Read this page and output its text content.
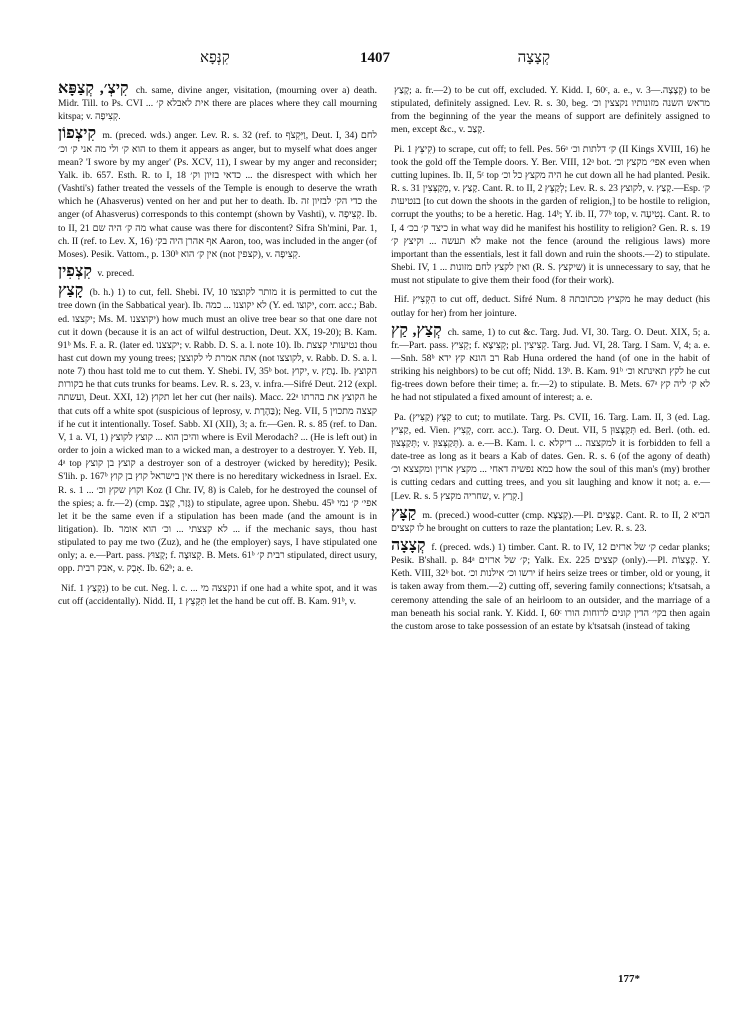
קִנְּפָא	1407	קְצָצָה

קִיצְ׳, קְצַפָּא ch. same, divine anger, visitation, (mourning over a) death. Midr. Till. to Ps. CVI ... אית לאבלא ק׳ there are places where they call mourning kitspa; v. קְצִיפָה.

קִיצְפוֹן m. (preced. wds.) anger. Lev. R. s. 32 (ref. to וַיִּקְצֹף, Deut. I, 34) לחם הוא ק׳ ולי מה אני ק׳ וכ׳ to them it appears as anger, but to myself what does anger mean? 'I swore by my anger' (Ps. XCV, 11), I swear by my anger and reconsider; Yalk. ib. 657. Esth. R. to I, 18 כדאי בזיון וק׳ ... the disrespect with which her (Vashti's) father treated the vessels of the Temple is enough to deserve the wrath which he (Ahasverus) vented on her and put her to death. Ib. כדי הק׳ לבזיון זה the anger (of Ahasverus) corresponds to this contempt (shown by Vashti), v. קְצִיפָה. Ib. to II, 21 מה ק׳ היה שם what cause was there for discontent? Sifra Sh'mini, Par. 1, ch. II (ref. to Lev. X, 16) אף אהרן היה בק׳ Aaron, too, was included in the anger (of Moses). Pesik. Vattom., p. 130ᵇ אין ק׳ הוא (not קצפין), v. קְצִיפָה.

קִצְפִין v. preced.

קָצַץ (b. h.) 1) to cut, fell. Shebi. IV, 10 מותר לקוצצו it is permitted to cut the tree down (in the Sabbatical year). Ib. לא יקוצנו ... כמה (Y. ed. יקוצו, corr. acc.; Bab. ed. יקצצו; Ms. M. יקוצצנו) how much must an olive tree bear so that one dare not cut it down (because it is an act of wilful destruction, Deut. XX, 19-20); B. Kam. 91ᵇ Ms. F. a. R. (later ed. יקצצנו; v. Rabb. D. S. a. l. note 10). Ib. נטיעותי קצצת thou hast cut down my young trees; אתה אמרת לי לקוצצן (not לקוצצו, v. Rabb. D. S. a. l. note 7) thou hast told me to cut them. Y. Shebi. IV, 35ᵇ bot. יקוץ, v. נָתַץ. Ib. הקוצץ בקורות he that cuts trunks for beams. Lev. R. s. 23, v. infra.—Sifré Deut. 212 (expl. ועשתה, Deut. XXI, 12) תקוץ let her cut (her nails). Macc. 22ᵃ הקוצץ את בהרתו he that cuts off a white spot (suspicious of leprosy, v. בַּהֶרֶת); Neg. VII, 5 קצצה מתכוין if he cut it intentionally. Tosef. Sabb. XI (XII), 3; a. fr.—Gen. R. s. 85 (ref. to Dan. V, 1 a. VI, 1) והיכן הוא ... קוצץ לקוצץ where is Evil Merodach? ... (He is left out) in order to join a wicked man to a wicked man, a destroyer to a destroyer. Y. Yeb. II, 4ᵃ top קוצץ בן קוצץ a destroyer son of a destroyer (wicked by heredity); Pesik. S'lih. p. 167ᵇ אין בישראל קוץ בן קוץ there is no hereditary wickedness in Israel. Ex. R. s. 1 ... וקוץ שקץ וכ׳ Koz (I Chr. IV, 8) is Caleb, for he destroyed the counsel of the spies; a. fr.—2) (cmp. גָּזַר, קָצַב) to stipulate, agree upon. Shebu. 45ᵇ אפי׳ ק׳ נמי let it be the same even if a stipulation has been made (and the amount is in litigation). Ib. לא קצצתי ... וכ׳ הוא אומר ... if the mechanic says, thou hast stipulated to pay me two (Zuz), and he (the employer) says, I have stipulated one only; a. e.—Part. pass. קָצוּץ; f. קְצוּצָה. B. Mets. 61ᵇ רבית ק׳ stipulated, direct usury, opp. אבק רבית, v. אָבָק. Ib. 62ᵇ; a. e.

Nif. נִקְצַץ 1) to be cut. Neg. l. c. ... ונקצצה מי if one had a white spot, and it was cut off (accidentally). Nidd. II, 1 תִּקָּצֵץ let the hand be cut off. B. Kam. 91ᵇ, v.

קָצַץ; a. fr.—2) to be cut off, excluded. Y. Kidd. I, 60ᶜ, a. e., v. קְצָצָה.—3) to be stipulated, definitely assigned. Lev. R. s. 30, beg. מראש השנה מזונותיו נקצצין וכ׳ from the beginning of the year the means of support are definitely assigned to men, except &c., v. קָצַב.

Pi. קִיצֵּץ 1) to scrape, cut off; to fell. Pes. 56ᵃ ק׳ דלתות וכ׳ (II Kings XVIII, 16) he took the gold off the Temple doors. Y. Ber. VIII, 12ᵃ bot. אפי׳ מקצץ וכ׳ even when cutting lupines. Ib. II, 5ᶜ top היה מקצץ כל וכ׳ he cut down all he had planted. Pesik. R. s. 31 מְקַצְּצִין, v. קָצַץ. Cant. R. to II, 2 לְקַצֵּץ; Lev. R. s. 23 לקוצץ, v. קָצַץ.—Esp. ק׳ בנטיעות [to cut down the shoots in the garden of religion,] to be hostile to religion, corrupt the youths; to be a heretic. Hag. 14ᵇ; Y. ib. II, 77ᵇ top, v. נְטִיעָה. Cant. R. to I, 4 כיצד ק׳ בכ׳ in what way did he manifest his hostility to religion? Gen. R. s. 19 לא תעשה ... וקיצץ ק׳ make not the fence (around the religious laws) more important than the essentials, lest it fall down and ruin the shoots.—2) to stipulate. Shebi. IV, 1 ... ואין לקצץ לחם מזונות (R. S. שיקצץ) it is unnecessary to say, that he must not stipulate to give them their food (for their work).

Hif. הִקְצִיץ to cut off, deduct. Sifré Num. 8 מקציץ מכתובתה he may deduct (his outlay for her) from her jointure.

קְצַץ, קַץ ch. same, 1) to cut &c. Targ. Jud. VI, 30. Targ. O. Deut. XIX, 5; a. fr.—Part. pass. קְצִיץ; f. קְצִיצָא; pl. קְצִיצִין. Targ. Jud. VI, 28. Targ. I Sam. V, 4; a. e.—Snh. 58ᵇ רב הונא קץ ידא Rab Huna ordered the hand (of one in the habit of striking his neighbors) to be cut off; Nidd. 13ᵇ. B. Kam. 91ᵇ לקץ תאינתא וכ׳ he cut fig-trees down before their time; a. fr.—2) to stipulate. B. Mets. 67ᵃ לא ק׳ ליה קץ he had not stipulated a fixed amount of interest; a. e.

Pa. קַצֵּץ (קַצִּיץ) to cut; to mutilate. Targ. Ps. CVII, 16. Targ. Lam. II, 3 (ed. Lag. קַצִּיץ, ed. Vien. קְצִיץ, corr. acc.). Targ. O. Deut. VII, 5 תְּקַצְּצוּן ed. Berl. (oth. ed. תְּקַצְּצוּן; v. תְּקַצְּצוּן). a. e.—B. Kam. l. c. למקצצה ... דיקלא it is forbidden to fell a date-tree as long as it bears a Kab of dates. Gen. R. s. 6 (of the agony of death) כמא נפשיה דאחי ... מקצץ ארזין ומקצצא וכ׳ how the soul of this man's (my) brother is cutting cedars and cutting trees, and you sit laughing and know it not; a. e.—[Lev. R. s. 5 שחריה מקצץ, v. קְרַץ.]

קַצָּץ m. (preced.) wood-cutter (cmp. קְצַצָּא).—Pl. קַצָּצִים. Cant. R. to II, 2 הביא לו קצצים he brought on cutters to raze the plantation; Lev. R. s. 23.

קְצָצָה f. (preced. wds.) 1) timber. Cant. R. to IV, 12 ק׳ של ארזים cedar planks; Pesik. B'shall. p. 84ᵃ ק׳ של ארזים; Yalk. Ex. 225 קצצים (only).—Pl. קְצָצוֹת. Y. Keth. VIII, 32ᵇ bot. ירשו וכ׳ אילנות וכ׳ if heirs seize trees or timber, old or young, it is taken away from them.—2) cutting off, severing family connections; k'tsatsah, a ceremony attending the sale of an heirloom to an outsider, and the marriage of a man beneath his social rank. Y. Kidd. I, 60ᶜ בקי׳ הדין קונים לרוחות הורו then again the custom arose to take possession of an estate by k'tsatsah (instead of taking

177*
